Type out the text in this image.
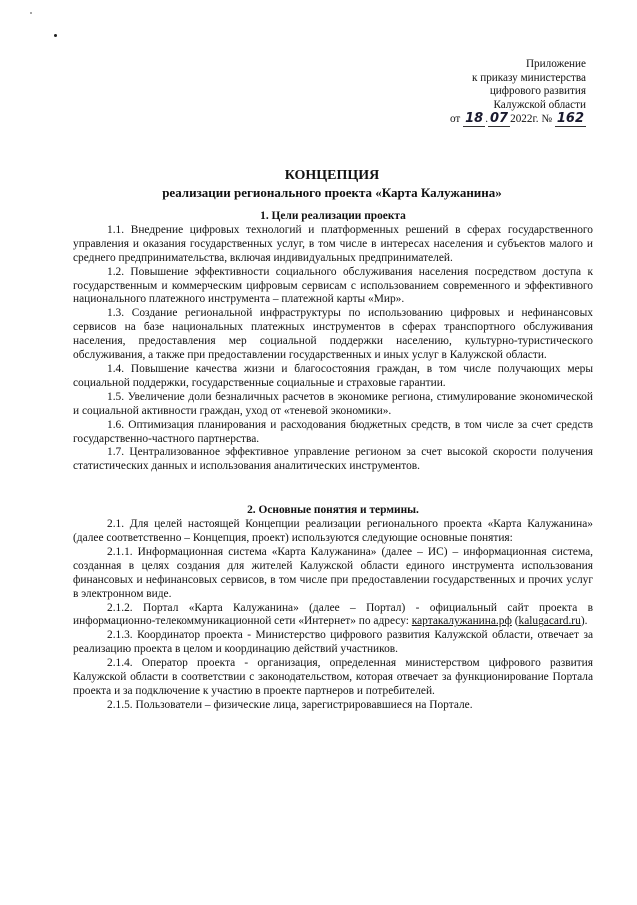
Приложение
к приказу министерства
цифрового развития
Калужской области
от 18 . 07 2022г. № 162
КОНЦЕПЦИЯ
реализации регионального проекта «Карта Калужанина»

1. Цели реализации проекта

1.1. Внедрение цифровых технологий и платформенных решений в сферах государственного управления и оказания государственных услуг, в том числе в интересах населения и субъектов малого и среднего предпринимательства, включая индивидуальных предпринимателей.

1.2. Повышение эффективности социального обслуживания населения посредством доступа к государственным и коммерческим цифровым сервисам с использованием современного и эффективного национального платежного инструмента – платежной карты «Мир».

1.3. Создание региональной инфраструктуры по использованию цифровых и нефинансовых сервисов на базе национальных платежных инструментов в сферах транспортного обслуживания населения, предоставления мер социальной поддержки населению, культурно-туристического обслуживания, а также при предоставлении государственных и иных услуг в Калужской области.

1.4. Повышение качества жизни и благосостояния граждан, в том числе получающих меры социальной поддержки, государственные социальные и страховые гарантии.

1.5. Увеличение доли безналичных расчетов в экономике региона, стимулирование экономической и социальной активности граждан, уход от «теневой экономики».

1.6. Оптимизация планирования и расходования бюджетных средств, в том числе за счет средств государственно-частного партнерства.

1.7. Централизованное эффективное управление регионом за счет высокой скорости получения статистических данных и использования аналитических инструментов.

2. Основные понятия и термины.

2.1. Для целей настоящей Концепции реализации регионального проекта «Карта Калужанина» (далее соответственно – Концепция, проект) используются следующие основные понятия:

2.1.1. Информационная система «Карта Калужанина» (далее – ИС) – информационная система, созданная в целях создания для жителей Калужской области единого инструмента использования финансовых и нефинансовых сервисов, в том числе при предоставлении государственных и прочих услуг в электронном виде.

2.1.2. Портал «Карта Калужанина» (далее – Портал) - официальный сайт проекта в информационно-телекоммуникационной сети «Интернет» по адресу: картакалужанина.рф (kalugacard.ru).

2.1.3. Координатор проекта - Министерство цифрового развития Калужской области, отвечает за реализацию проекта в целом и координацию действий участников.

2.1.4. Оператор проекта - организация, определенная министерством цифрового развития Калужской области в соответствии с законодательством, которая отвечает за функционирование Портала проекта и за подключение к участию в проекте партнеров и потребителей.

2.1.5. Пользователи – физические лица, зарегистрировавшиеся на Портале.
